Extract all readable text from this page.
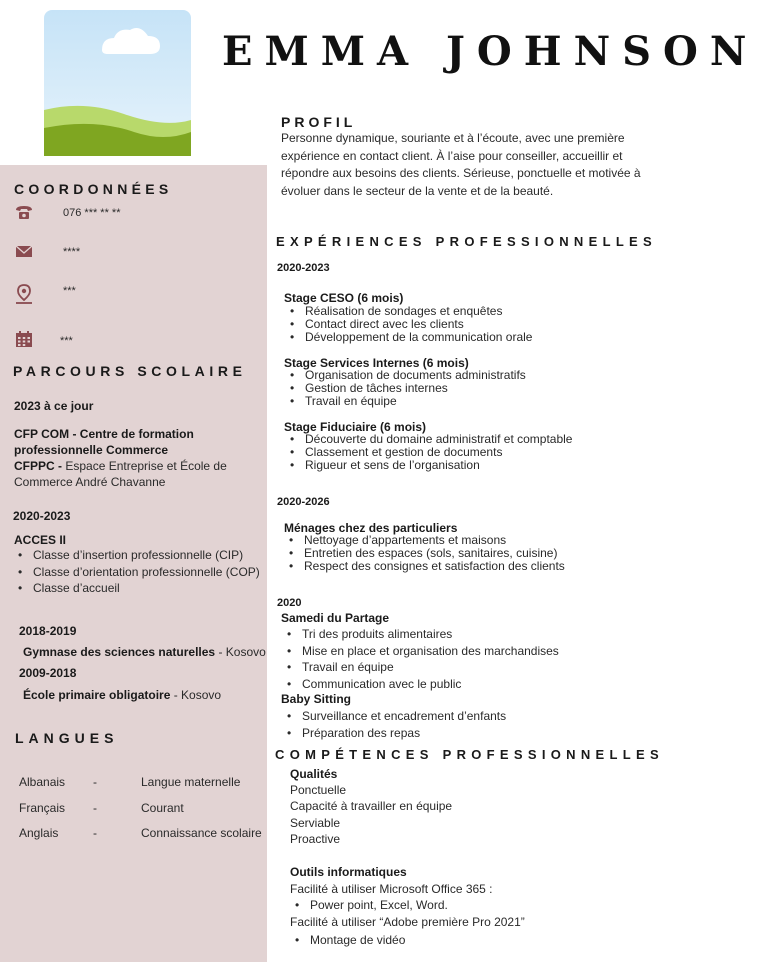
EMMA JOHNSON
PROFIL
Personne dynamique, souriante et à l’écoute, avec une première
expérience en contact client. À l’aise pour conseiller, accueillir et
répondre aux besoins des clients. Sérieuse, ponctuelle et motivée à
évoluer dans le secteur de la vente et de la beauté.
COORDONNÉES
076 *** ** **
****
***
***
PARCOURS SCOLAIRE
2023 à ce jour
CFP COM - Centre de formation
professionnelle Commerce
CFPPC - Espace Entreprise et École de
Commerce André Chavanne
2020-2023
ACCES II
• Classe d’insertion professionnelle (CIP)
• Classe d’orientation professionnelle (COP)
• Classe d’accueil
2018-2019
Gymnase des sciences naturelles - Kosovo
2009-2018
École primaire obligatoire - Kosovo
LANGUES
Albanais -	Langue maternelle
Français -	Courant
Anglais	-	Connaissance scolaire
EXPÉRIENCES PROFESSIONNELLES
2020-2023
Stage CESO (6 mois)
• Réalisation de sondages et enquêtes
• Contact direct avec les clients
• Développement de la communication orale
Stage Services Internes (6 mois)
• Organisation de documents administratifs
• Gestion de tâches internes
• Travail en équipe
Stage Fiduciaire (6 mois)
• Découverte du domaine administratif et comptable
• Classement et gestion de documents
• Rigueur et sens de l’organisation
2020-2026
Ménages chez des particuliers
• Nettoyage d’appartements et maisons
• Entretien des espaces (sols, sanitaires, cuisine)
• Respect des consignes et satisfaction des clients
2020
Samedi du Partage
• Tri des produits alimentaires
• Mise en place et organisation des marchandises
• Travail en équipe
• Communication avec le public
Baby Sitting
• Surveillance et encadrement d’enfants
• Préparation des repas
COMPÉTENCES PROFESSIONNELLES
Qualités
Ponctuelle
Capacité à travailler en équipe
Serviable
Proactive
Outils informatiques
Facilité à utiliser Microsoft Office 365 :
• Power point, Excel, Word.
Facilité à utiliser “Adobe première Pro 2021”
• Montage de vidéo
